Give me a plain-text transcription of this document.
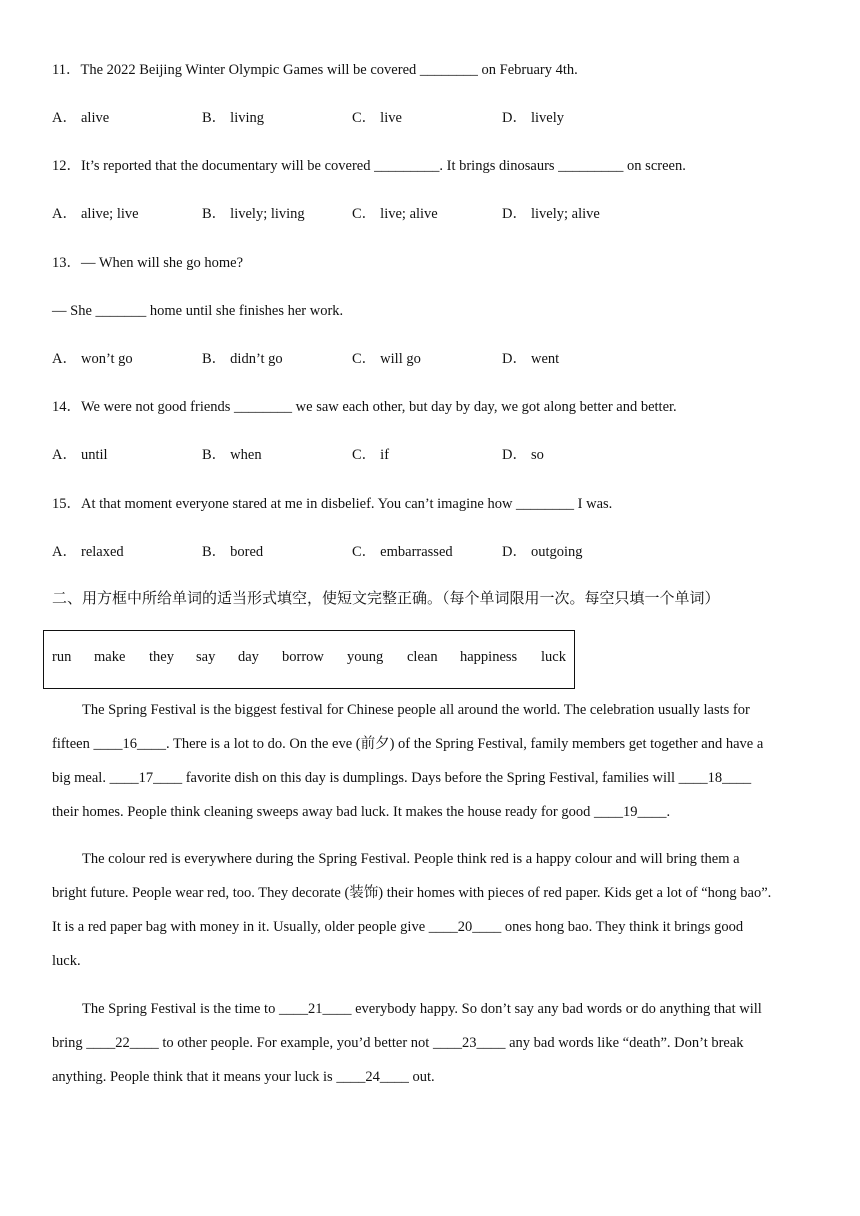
11．The 2022 Beijing Winter Olympic Games will be covered ________ on February 4th.
A． alive	B． living	C． live	D． lively
12．It’s reported that the documentary will be covered _________. It brings dinosaurs _________ on screen.
A． alive; live	B． lively; living	C． live; alive	D． lively; alive
13．— When will she go home?
— She _______ home until she finishes her work.
A． won’t go	B． didn’t go	C． will go	D． went
14．We were not good friends ________ we saw each other, but day by day, we got along better and better.
A． until	B． when	C． if	D． so
15．At that moment everyone stared at me in disbelief. You can’t imagine how ________ I was.
A． relaxed	B． bored	C． embarrassed	D． outgoing
二、用方框中所给单词的适当形式填空，使短文完整正确。（每个单词限用一次。每空只填一个单词）
run make they say day borrow young clean happiness luck
The Spring Festival is the biggest festival for Chinese people all around the world. The celebration usually lasts for
fifteen ____16____. There is a lot to do. On the eve (前夕) of the Spring Festival, family members get together and have a
big meal. ____17____ favorite dish on this day is dumplings. Days before the Spring Festival, families will ____18____
their homes. People think cleaning sweeps away bad luck. It makes the house ready for good ____19____.
The colour red is everywhere during the Spring Festival. People think red is a happy colour and will bring them a
bright future. People wear red, too. They decorate (装饰) their homes with pieces of red paper. Kids get a lot of “hong bao”.
It is a red paper bag with money in it. Usually, older people give ____20____ ones hong bao. They think it brings good
luck.
The Spring Festival is the time to ____21____ everybody happy. So don’t say any bad words or do anything that will
bring ____22____ to other people. For example, you’d better not ____23____ any bad words like “death”. Don’t break
anything. People think that it means your luck is ____24____ out.
